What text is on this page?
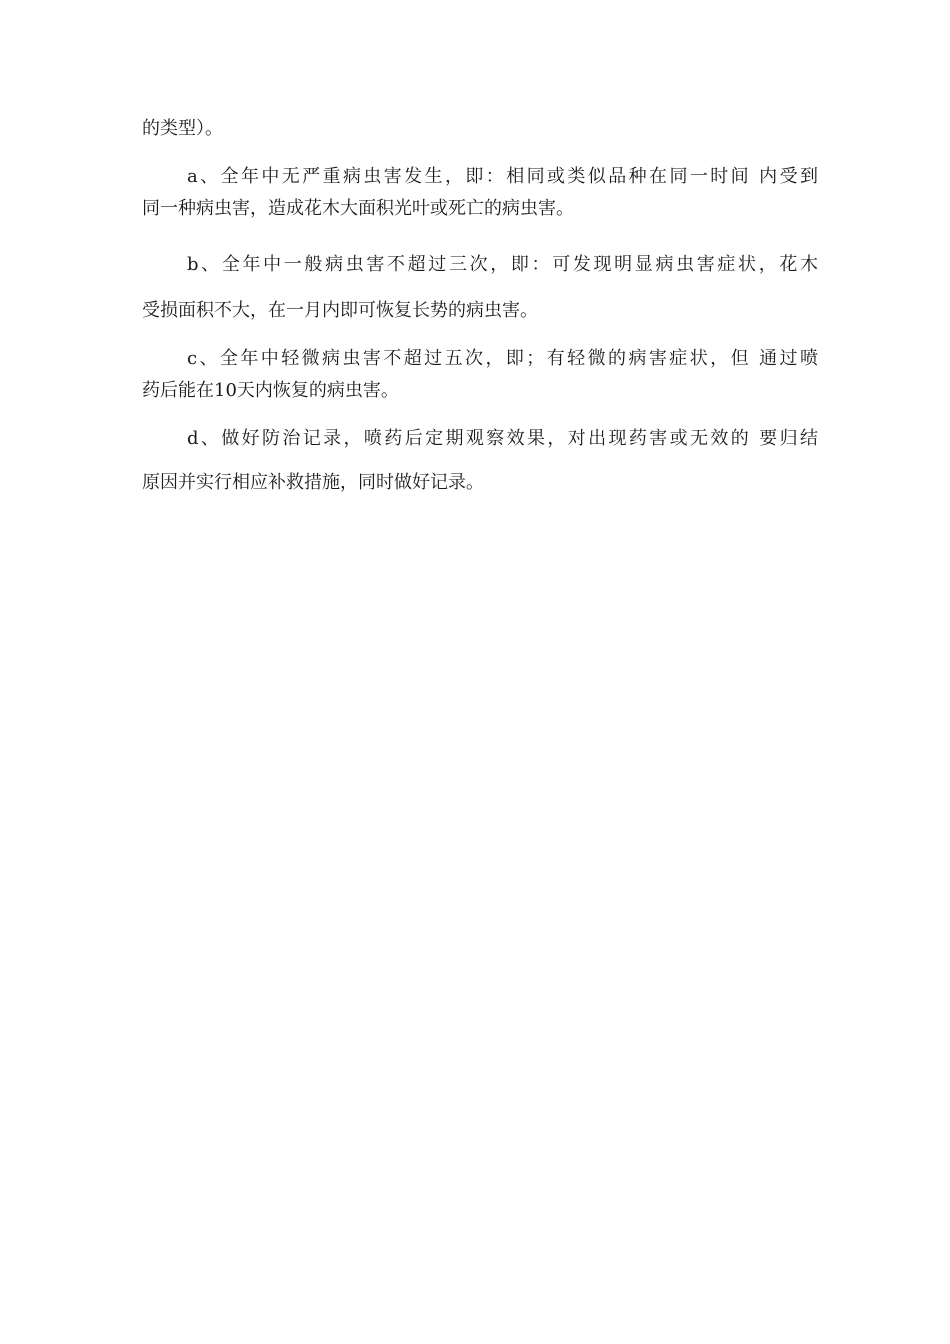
的类型）。
a、全年中无严重病虫害发生，即：相同或类似品种在同一时间 内受到
同一种病虫害，造成花木大面积光叶或死亡的病虫害。
b、全年中一般病虫害不超过三次，即：可发现明显病虫害症状，花木
受损面积不大，在一月内即可恢复长势的病虫害。
c、全年中轻微病虫害不超过五次，即；有轻微的病害症状，但 通过喷
药后能在10天内恢复的病虫害。
d、做好防治记录，喷药后定期观察效果，对出现药害或无效的 要归结
原因并实行相应补救措施，同时做好记录。
